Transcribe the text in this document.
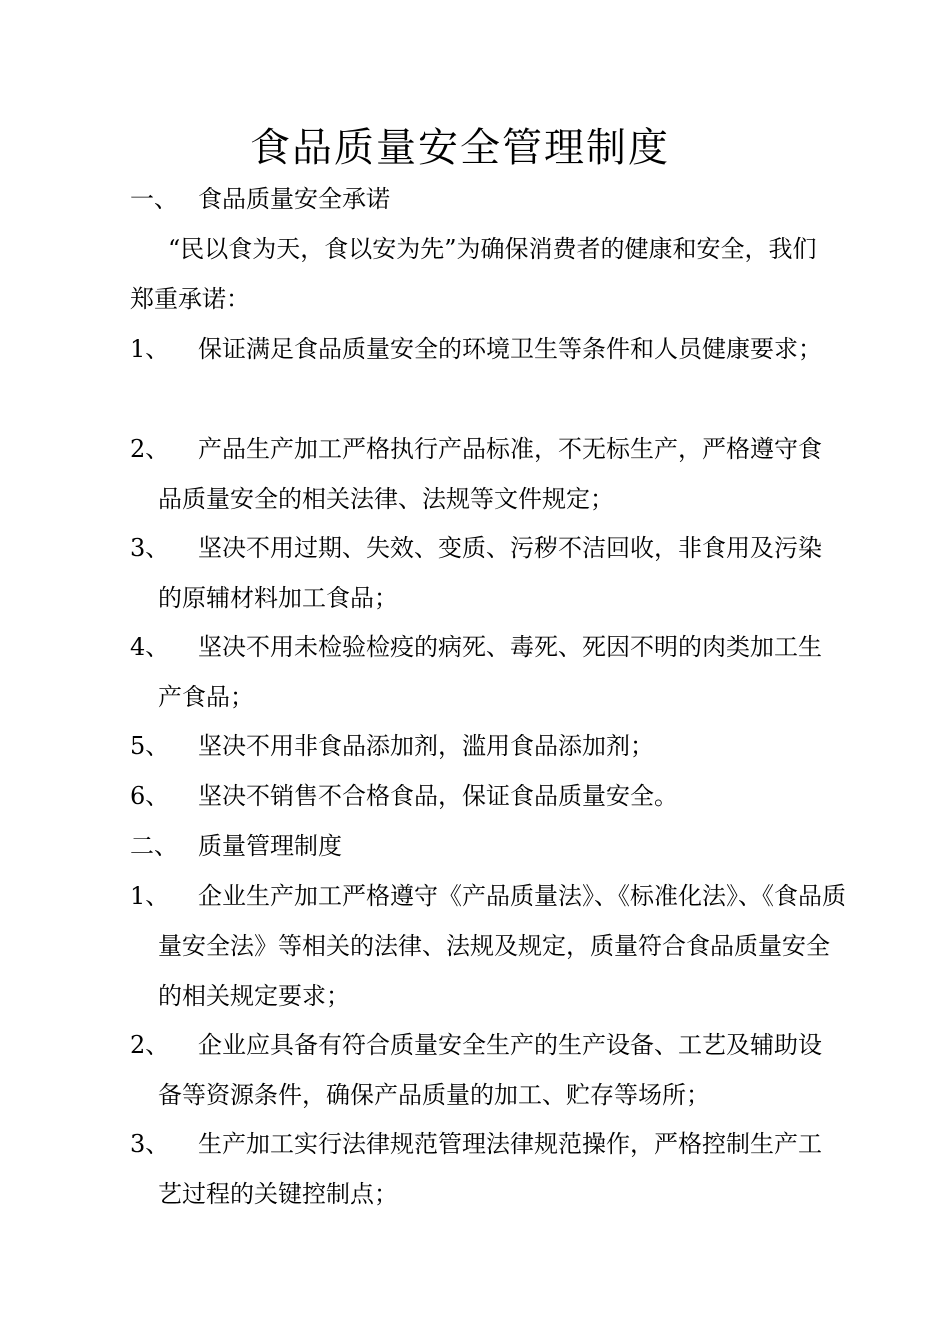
食品质量安全管理制度
一、 食品质量安全承诺
“民以食为天，食以安为先”为确保消费者的健康和安全，我们郑重承诺：
1、	保证满足食品质量安全的环境卫生等条件和人员健康要求；
2、	产品生产加工严格执行产品标准，不无标生产，严格遵守食品质量安全的相关法律、法规等文件规定；
3、	坚决不用过期、失效、变质、污秽不洁回收，非食用及污染的原辅材料加工食品；
4、	坚决不用未检验检疫的病死、毒死、死因不明的肉类加工生产食品；
5、	坚决不用非食品添加剂，滥用食品添加剂；
6、	坚决不销售不合格食品，保证食品质量安全。
二、 质量管理制度
1、	企业生产加工严格遵守《产品质量法》、《标准化法》、《食品质量安全法》等相关的法律、法规及规定，质量符合食品质量安全的相关规定要求；
2、	企业应具备有符合质量安全生产的生产设备、工艺及辅助设备等资源条件，确保产品质量的加工、贮存等场所；
3、	生产加工实行法律规范管理法律规范操作，严格控制生产工艺过程的关键控制点；
